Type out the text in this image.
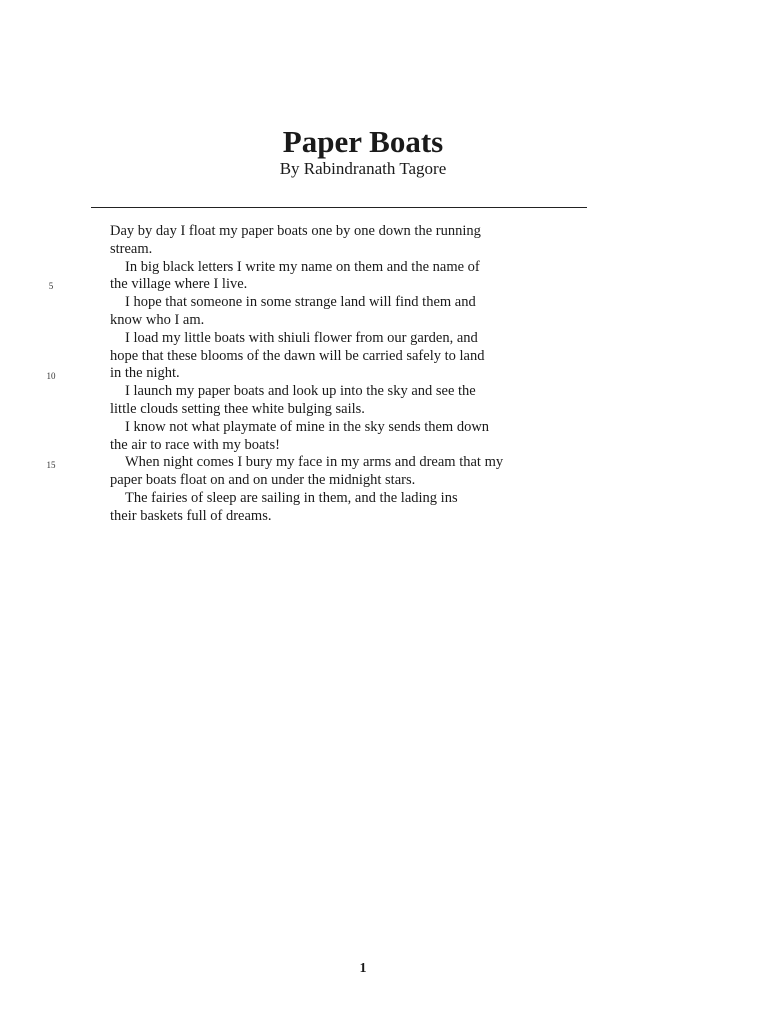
Paper Boats
By Rabindranath Tagore
5
10
15
Day by day I float my paper boats one by one down the running
stream.
In big black letters I write my name on them and the name of
the village where I live.
I hope that someone in some strange land will find them and
know who I am.
I load my little boats with shiuli flower from our garden, and
hope that these blooms of the dawn will be carried safely to land
in the night.
I launch my paper boats and look up into the sky and see the
little clouds setting thee white bulging sails.
I know not what playmate of mine in the sky sends them down
the air to race with my boats!
When night comes I bury my face in my arms and dream that my
paper boats float on and on under the midnight stars.
The fairies of sleep are sailing in them, and the lading ins
their baskets full of dreams.
1
